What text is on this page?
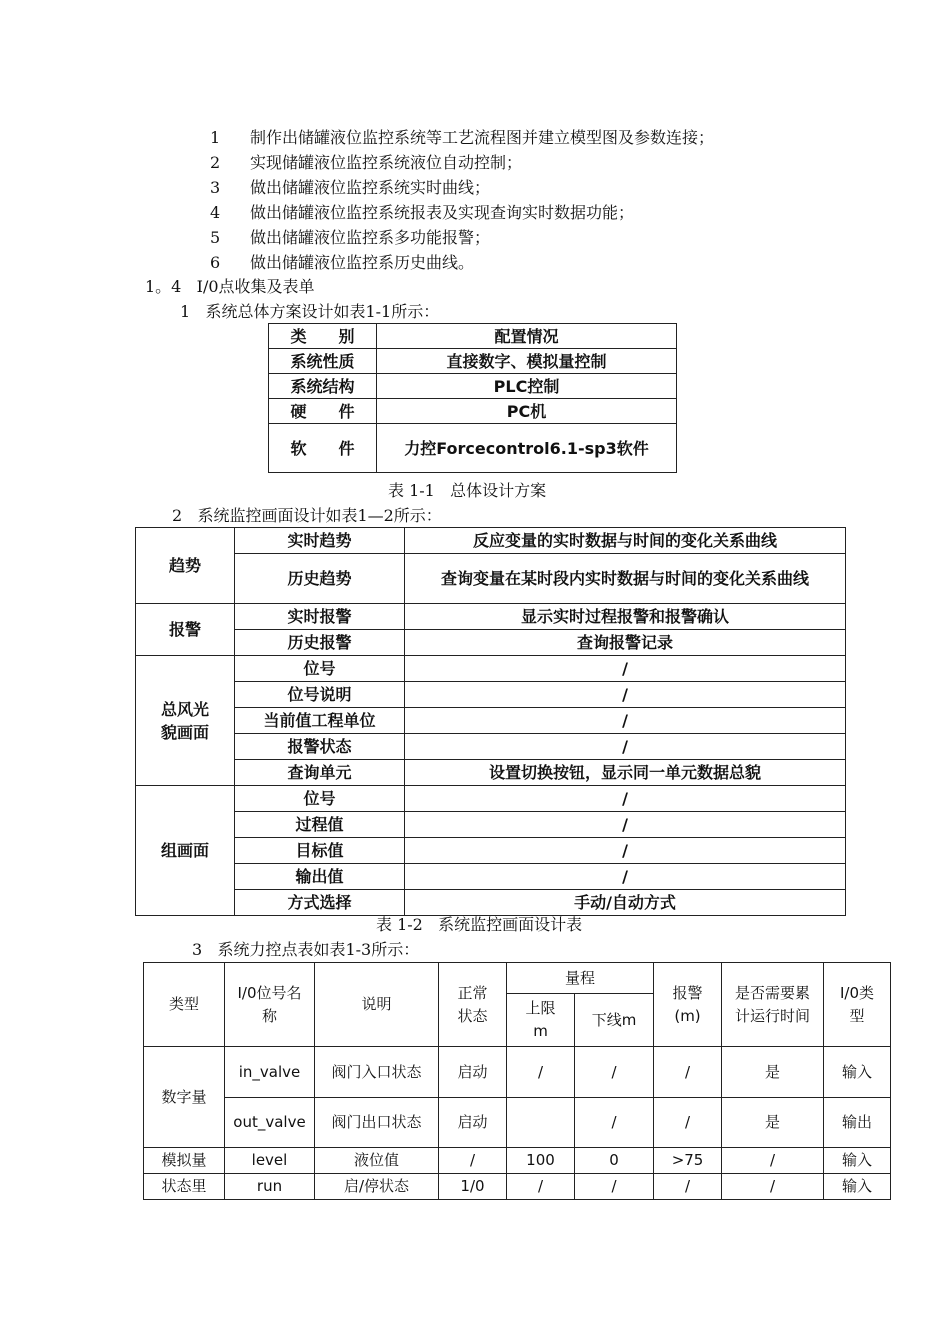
1 制作出储罐液位监控系统等工艺流程图并建立模型图及参数连接；
2 实现储罐液位监控系统液位自动控制；
3 做出储罐液位监控系统实时曲线；
4 做出储罐液位监控系统报表及实现查询实时数据功能；
5 做出储罐液位监控系多功能报警；
6 做出储罐液位监控系历史曲线。
1。4   I/0点收集及表单
1   系统总体方案设计如表1-1所示：
类　　别	配置情况
系统性质	直接数字、模拟量控制
系统结构	PLC控制
硬　　件	PC机
软　　件	力控Forcecontrol6.1-sp3软件
表 1-1   总体设计方案
2   系统监控画面设计如表1—2所示：
趋势	实时趋势	反应变量的实时数据与时间的变化关系曲线
	历史趋势	查询变量在某时段内实时数据与时间的变化关系曲线
报警	实时报警	显示实时过程报警和报警确认
	历史报警	查询报警记录
总风光貌画面	位号	/
	位号说明	/
	当前值工程单位	/
	报警状态	/
	查询单元	设置切换按钮，显示同一单元数据总貌
组画面	位号	/
	过程值	/
	目标值	/
	输出值	/
	方式选择	手动/自动方式
表 1-2   系统监控画面设计表
3   系统力控点表如表1-3所示：
类型	I/0位号名称	说明	正常状态	量程		报警(m)	是否需要累计运行时间	I/0类型
				上限m	下线m			
数字量	in_valve	阀门入口状态	启动	/	/	/	是	输入
	out_valve	阀门出口状态	启动		/	/	是	输出
模拟量	level	液位值	/	100	0	>75	/	输入
状态里	run	启/停状态	1/0	/	/	/	/	输入
